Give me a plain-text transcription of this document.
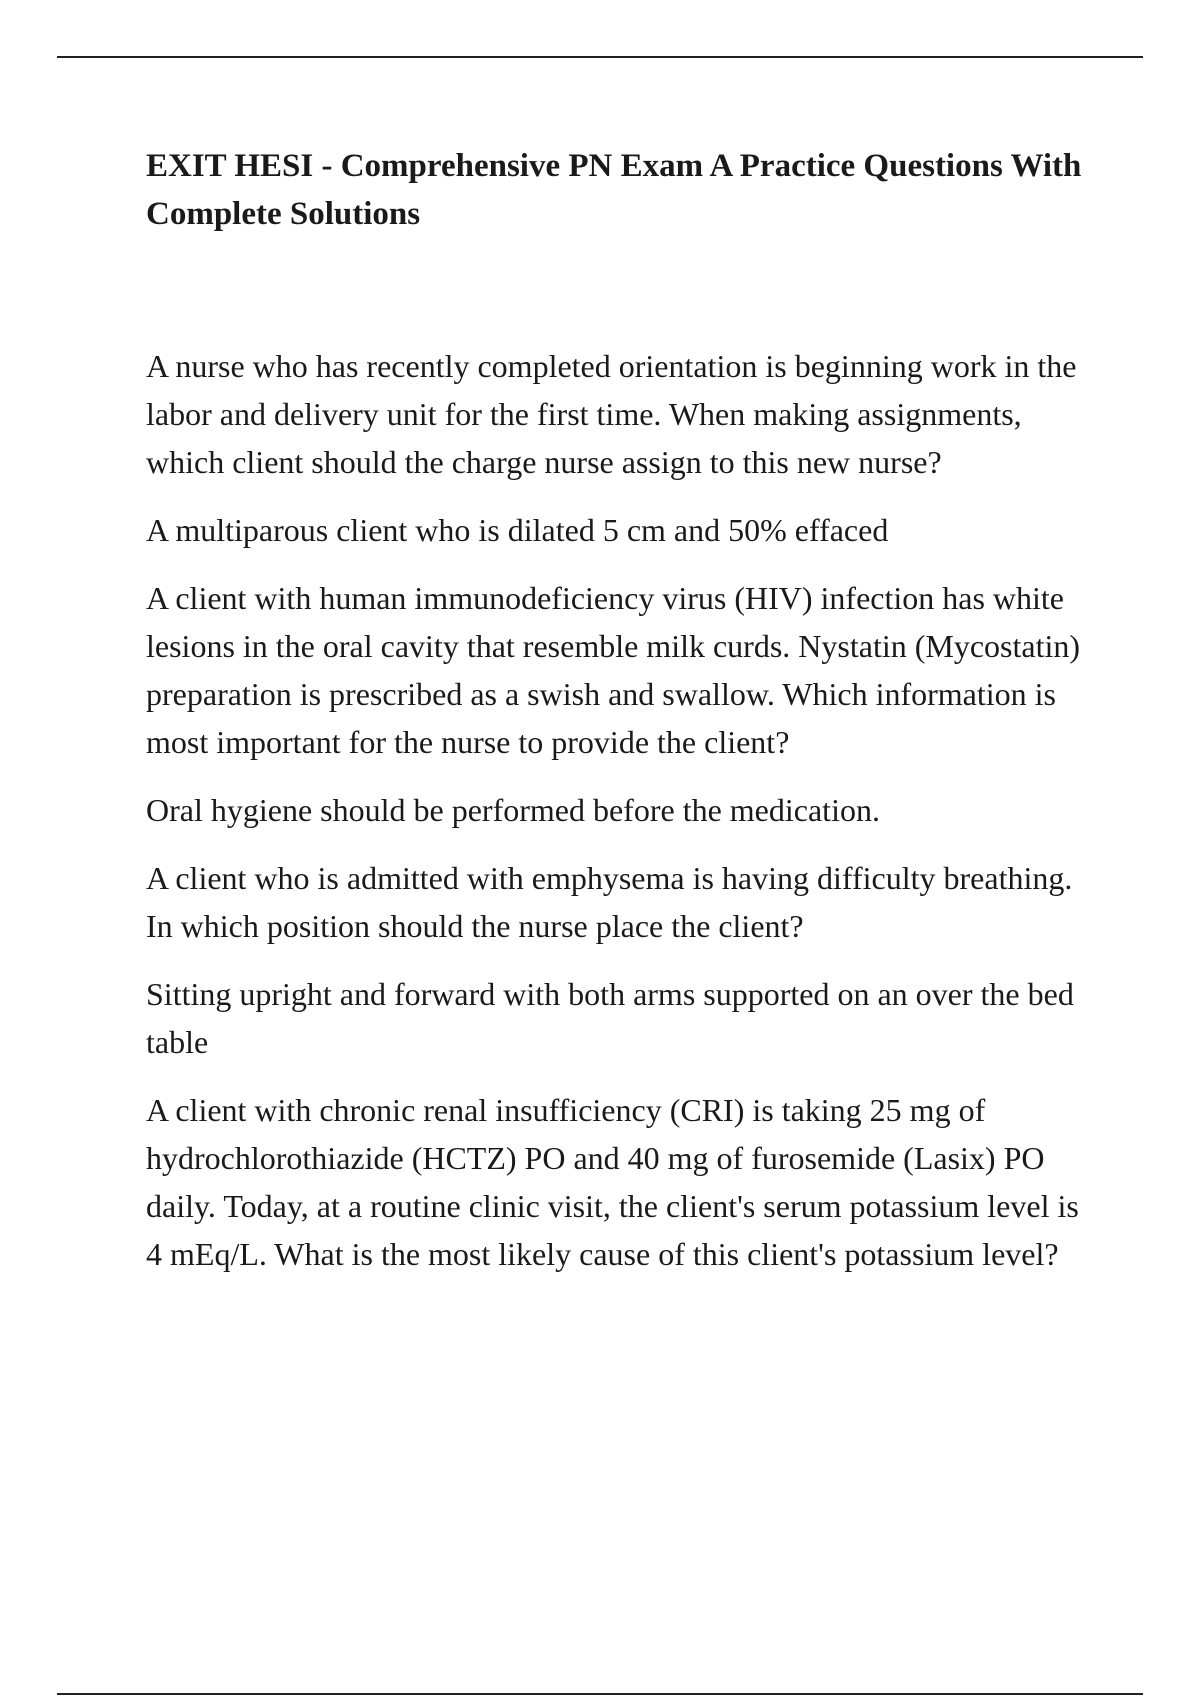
EXIT HESI - Comprehensive PN Exam A Practice Questions With Complete Solutions

A nurse who has recently completed orientation is beginning work in the labor and delivery unit for the first time. When making assignments, which client should the charge nurse assign to this new nurse?

A multiparous client who is dilated 5 cm and 50% effaced

A client with human immunodeficiency virus (HIV) infection has white lesions in the oral cavity that resemble milk curds. Nystatin (Mycostatin) preparation is prescribed as a swish and swallow. Which information is most important for the nurse to provide the client?

Oral hygiene should be performed before the medication.

A client who is admitted with emphysema is having difficulty breathing. In which position should the nurse place the client?

Sitting upright and forward with both arms supported on an over the bed table

A client with chronic renal insufficiency (CRI) is taking 25 mg of hydrochlorothiazide (HCTZ) PO and 40 mg of furosemide (Lasix) PO daily. Today, at a routine clinic visit, the client's serum potassium level is 4 mEq/L. What is the most likely cause of this client's potassium level?
